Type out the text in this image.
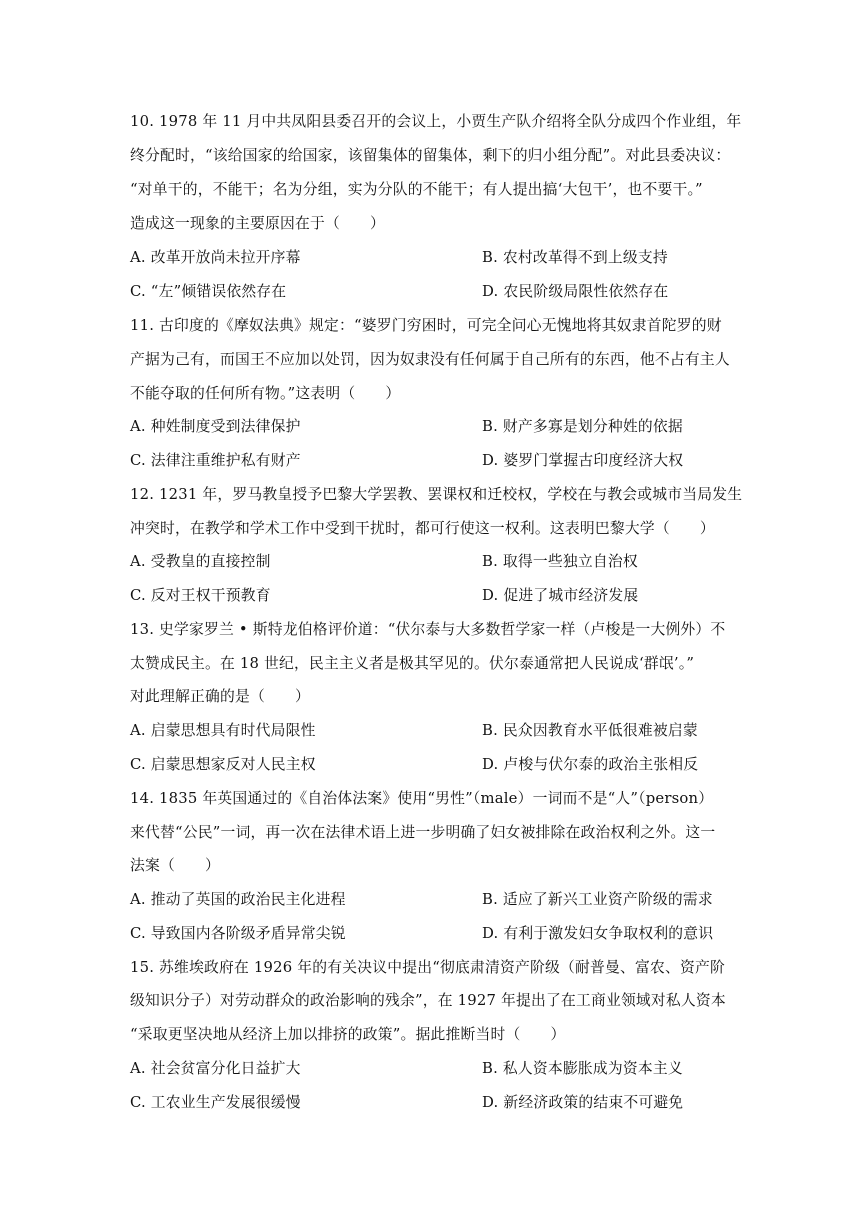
10. 1978 年 11 月中共凤阳县委召开的会议上，小贾生产队介绍将全队分成四个作业组，年
终分配时，“该给国家的给国家，该留集体的留集体，剩下的归小组分配”。对此县委决议：
“对单干的，不能干；名为分组，实为分队的不能干；有人提出搞‘大包干’，也不要干。”
造成这一现象的主要原因在于（　　）
A. 改革开放尚未拉开序幕	B. 农村改革得不到上级支持
C. “左”倾错误依然存在	D. 农民阶级局限性依然存在
11. 古印度的《摩奴法典》规定：“婆罗门穷困时，可完全问心无愧地将其奴隶首陀罗的财
产据为己有，而国王不应加以处罚，因为奴隶没有任何属于自己所有的东西，他不占有主人
不能夺取的任何所有物。”这表明（　　）
A. 种姓制度受到法律保护	B. 财产多寡是划分种姓的依据
C. 法律注重维护私有财产	D. 婆罗门掌握古印度经济大权
12. 1231 年，罗马教皇授予巴黎大学罢教、罢课权和迁校权，学校在与教会或城市当局发生
冲突时，在教学和学术工作中受到干扰时，都可行使这一权利。这表明巴黎大学（　　）
A. 受教皇的直接控制	B. 取得一些独立自治权
C. 反对王权干预教育	D. 促进了城市经济发展
13. 史学家罗兰 • 斯特龙伯格评价道：“伏尔泰与大多数哲学家一样（卢梭是一大例外）不
太赞成民主。在 18 世纪，民主主义者是极其罕见的。伏尔泰通常把人民说成‘群氓’。”
对此理解正确的是（　　）
A. 启蒙思想具有时代局限性	B. 民众因教育水平低很难被启蒙
C. 启蒙思想家反对人民主权	D. 卢梭与伏尔泰的政治主张相反
14. 1835 年英国通过的《自治体法案》使用“男性”（male）一词而不是“人”（person）
来代替“公民”一词，再一次在法律术语上进一步明确了妇女被排除在政治权利之外。这一
法案（　　）
A. 推动了英国的政治民主化进程	B. 适应了新兴工业资产阶级的需求
C. 导致国内各阶级矛盾异常尖锐	D. 有利于激发妇女争取权利的意识
15. 苏维埃政府在 1926 年的有关决议中提出“彻底肃清资产阶级（耐普曼、富农、资产阶
级知识分子）对劳动群众的政治影响的残余”，在 1927 年提出了在工商业领域对私人资本
“采取更坚决地从经济上加以排挤的政策”。据此推断当时（　　）
A. 社会贫富分化日益扩大	B. 私人资本膨胀成为资本主义
C. 工农业生产发展很缓慢	D. 新经济政策的结束不可避免
